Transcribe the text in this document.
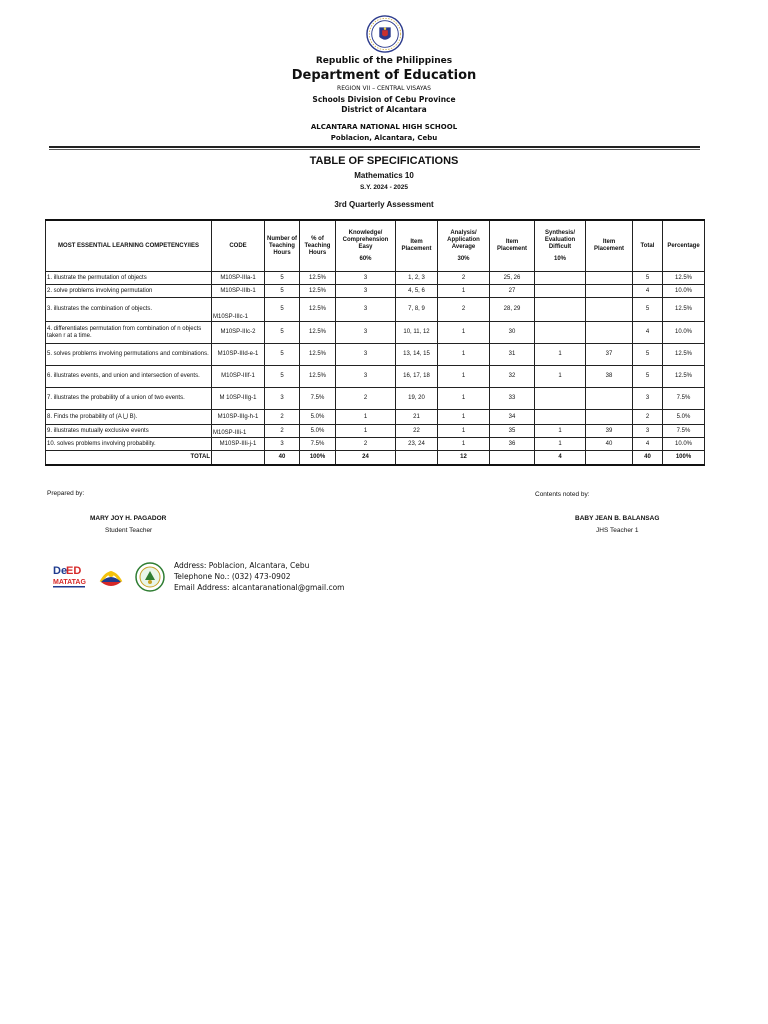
Republic of the Philippines
Department of Education
REGION VII – CENTRAL VISAYAS
Schools Division of Cebu Province
District of Alcantara
ALCANTARA NATIONAL HIGH SCHOOL
Poblacion, Alcantara, Cebu
TABLE OF SPECIFICATIONS
Mathematics 10
S.Y. 2024 - 2025
3rd Quarterly Assessment
MOST ESSENTIAL LEARNING COMPETENCY/IES	CODE	Number of Teaching Hours	% of Teaching Hours	Knowledge/ Comprehension Easy
60%	Item Placement	Analysis/ Application Average
30%	Item Placement	Synthesis/ Evaluation Difficult
10%	Item Placement	Total	Percentage
1. illustrate the permutation of objects	M10SP-IIIa-1	5	12.5%	3	1, 2, 3	2	25, 26			5	12.5%
2. solve problems involving permutation	M10SP-IIIb-1	5	12.5%	3	4, 5, 6	1	27			4	10.0%
3. illustrates the combination of objects.	M10SP-IIIc-1	5	12.5%	3	7, 8, 9	2	28, 29			5	12.5%
4. differentiates permutation from combination of n objects taken r at a time.	M10SP-IIIc-2	5	12.5%	3	10, 11, 12	1	30			4	10.0%
5. solves problems involving permutations and combinations.	M10SP-IIId-e-1	5	12.5%	3	13, 14, 15	1	31	1	37	5	12.5%
6. illustrates events, and union and intersection of events.	M10SP-IIIf-1	5	12.5%	3	16, 17, 18	1	32	1	38	5	12.5%
7. illustrates the probability of a union of two events.	M 10SP-IIIg-1	3	7.5%	2	19, 20	1	33			3	7.5%
8. Finds the probability of (A ⋃ B).	M10SP-IIIg-h-1	2	5.0%	1	21	1	34			2	5.0%
9. illustrates mutually exclusive events	M10SP-IIIi-1	2	5.0%	1	22	1	35	1	39	3	7.5%
10. solves problems involving probability.	M10SP-IIIi-j-1	3	7.5%	2	23, 24	1	36	1	40	4	10.0%
TOTAL		40	100%	24		12		4		40	100%
Prepared by:
MARY JOY H. PAGADOR
Student Teacher
Contents noted by:
BABY JEAN B. BALANSAG
JHS Teacher 1
De
ED
MATATAG
Address: Poblacion, Alcantara, Cebu
Telephone No.: (032) 473-0902
Email Address: alcantaranational@gmail.com
